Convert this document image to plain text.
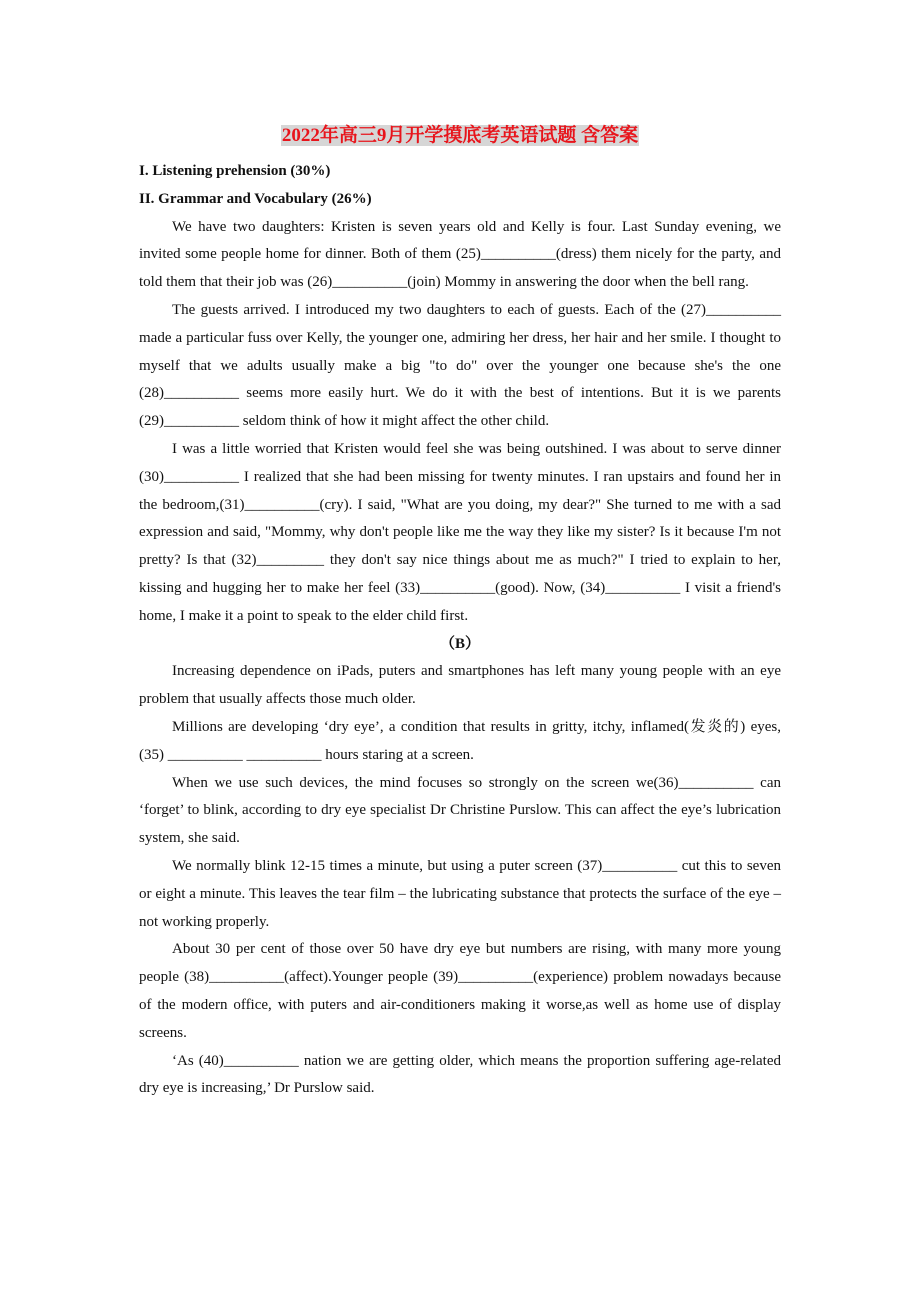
2022年高三9月开学摸底考英语试题 含答案

I. Listening prehension (30%)

II. Grammar and Vocabulary (26%)

We have two daughters: Kristen is seven years old and Kelly is four. Last Sunday evening, we invited some people home for dinner. Both of them (25)__________(dress) them nicely for the party, and told them that their job was (26)__________(join) Mommy in answering the door when the bell rang.

The guests arrived. I introduced my two daughters to each of guests. Each of the (27)__________ made a particular fuss over Kelly, the younger one, admiring her dress, her hair and her smile. I thought to myself that we adults usually make a big "to do" over the younger one because she's the one (28)__________ seems more easily hurt. We do it with the best of intentions. But it is we parents (29)__________ seldom think of how it might affect the other child.

I was a little worried that Kristen would feel she was being outshined. I was about to serve dinner (30)__________ I realized that she had been missing for twenty minutes. I ran upstairs and found her in the bedroom,(31)__________(cry). I said, "What are you doing, my dear?" She turned to me with a sad expression and said, "Mommy, why don't people like me the way they like my sister? Is it because I'm not pretty? Is that (32)_________ they don't say nice things about me as much?" I tried to explain to her, kissing and hugging her to make her feel (33)__________(good). Now, (34)__________ I visit a friend's home, I make it a point to speak to the elder child first.

（B）

Increasing dependence on iPads, puters and smartphones has left many young people with an eye problem that usually affects those much older.

Millions are developing ‘dry eye’, a condition that results in gritty, itchy, inflamed(发炎的) eyes, (35) __________ __________ hours staring at a screen.

When we use such devices, the mind focuses so strongly on the screen we(36)__________ can ‘forget’ to blink, according to dry eye specialist Dr Christine Purslow. This can affect the eye’s lubrication system, she said.

We normally blink 12-15 times a minute, but using a puter screen (37)__________ cut this to seven or eight a minute. This leaves the tear film – the lubricating substance that protects the surface of the eye – not working properly.

About 30 per cent of those over 50 have dry eye but numbers are rising, with many more young people (38)__________(affect).Younger people (39)__________(experience) problem nowadays because of the modern office, with puters and air-conditioners making it worse,as well as home use of display screens.

‘As (40)__________ nation we are getting older, which means the proportion suffering age-related dry eye is increasing,’ Dr Purslow said.
